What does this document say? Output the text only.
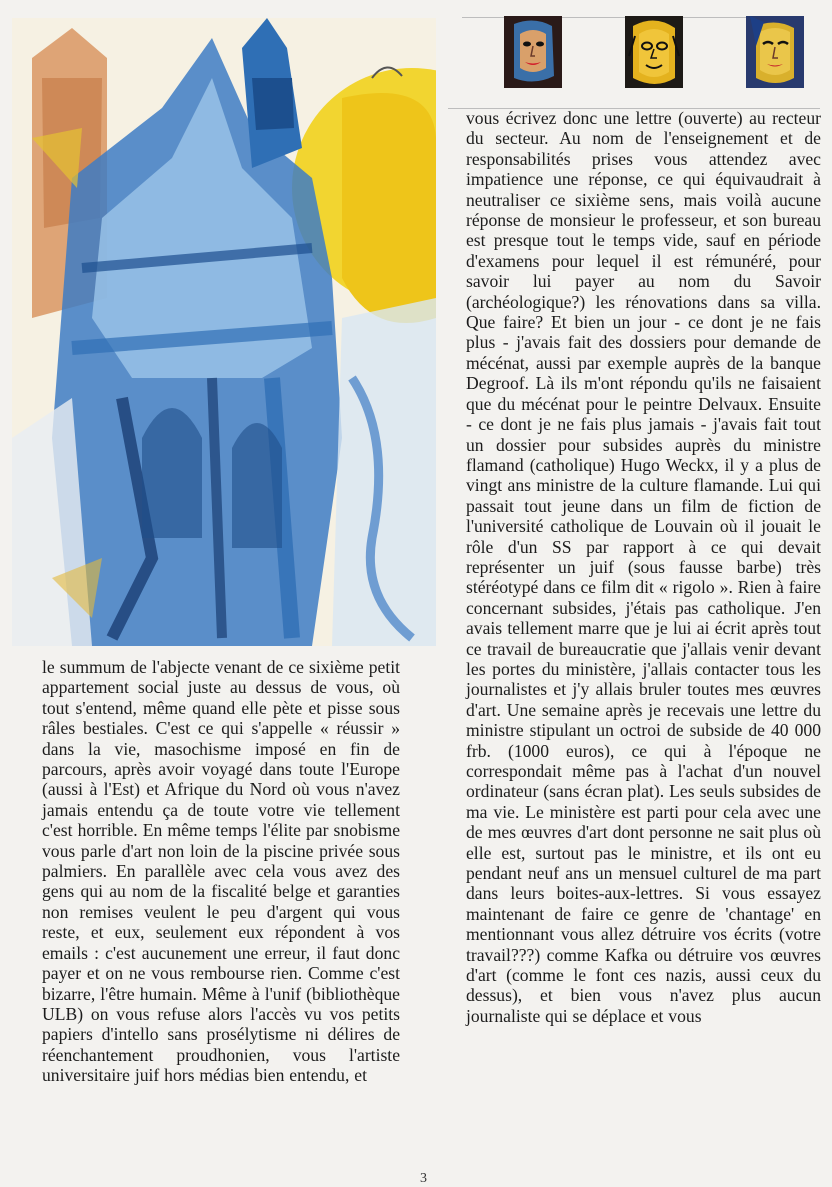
le summum de l'abjecte venant de ce sixième petit appartement social juste au dessus de vous, où tout s'entend, même quand elle pète et pisse sous râles bestiales. C'est ce qui s'appelle « réussir » dans la vie, masochisme imposé en fin de parcours, après avoir voyagé dans toute l'Europe (aussi à l'Est) et Afrique du Nord où vous n'avez jamais entendu ça de toute votre vie tellement c'est horrible. En même temps l'élite par snobisme vous parle d'art non loin de la piscine privée sous palmiers. En parallèle avec cela vous avez des gens qui au nom de la fiscalité belge et garanties non remises veulent le peu d'argent qui vous reste, et eux, seulement eux répondent à vos emails : c'est aucunement une erreur, il faut donc payer et on ne vous rembourse rien. Comme c'est bizarre, l'être humain. Même à l'unif (bibliothèque ULB) on vous refuse alors l'accès vu vos petits papiers d'intello sans prosélytisme ni délires de réenchantement proudhonien, vous l'artiste universitaire juif hors médias bien entendu, et

vous écrivez donc une lettre (ouverte) au recteur du secteur. Au nom de l'enseignement et de responsabilités prises vous attendez avec impatience une réponse, ce qui équivaudrait à neutraliser ce sixième sens, mais voilà aucune réponse de monsieur le professeur, et son bureau est presque tout le temps vide, sauf en période d'examens pour lequel il est rémunéré, pour savoir lui payer au nom du Savoir (archéologique?) les rénovations dans sa villa. Que faire? Et bien un jour - ce dont je ne fais plus - j'avais fait des dossiers pour demande de mécénat, aussi par exemple auprès de la banque Degroof. Là ils m'ont répondu qu'ils ne faisaient que du mécénat pour le peintre Delvaux. Ensuite - ce dont je ne fais plus jamais - j'avais fait tout un dossier pour subsides auprès du ministre flamand (catholique) Hugo Weckx, il y a plus de vingt ans ministre de la culture flamande. Lui qui passait tout jeune dans un film de fiction de l'université catholique de Louvain où il jouait le rôle d'un SS par rapport à ce qui devait représenter un juif (sous fausse barbe) très stéréotypé dans ce film dit « rigolo ». Rien à faire concernant subsides, j'étais pas catholique. J'en avais tellement marre que je lui ai écrit après tout ce travail de bureaucratie que j'allais venir devant les portes du ministère, j'allais contacter tous les journalistes et j'y allais bruler toutes mes œuvres d'art. Une semaine après je recevais une lettre du ministre stipulant un octroi de subside de 40 000 frb. (1000 euros), ce qui à l'époque ne correspondait même pas à l'achat d'un nouvel ordinateur (sans écran plat). Les seuls subsides de ma vie. Le ministère est parti pour cela avec une de mes œuvres d'art dont personne ne sait plus où elle est, surtout pas le ministre, et ils ont eu pendant neuf ans un mensuel culturel de ma part dans leurs boites-aux-lettres. Si vous essayez maintenant de faire ce genre de 'chantage' en mentionnant vous allez détruire vos écrits (votre travail???) comme Kafka ou détruire vos œuvres d'art (comme le font ces nazis, aussi ceux du dessus), et bien vous n'avez plus aucun journaliste qui se déplace et vous

3
